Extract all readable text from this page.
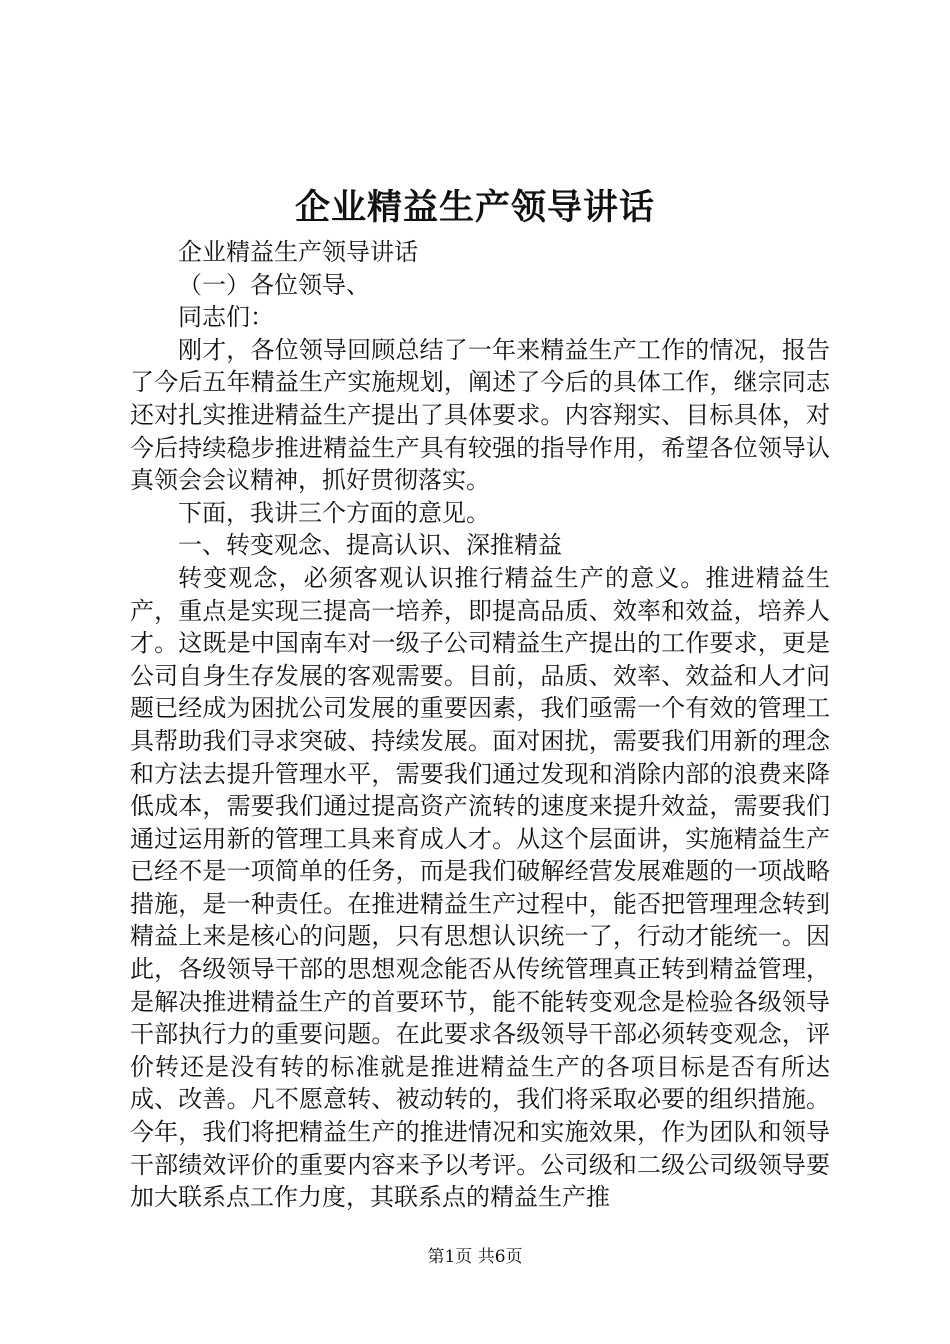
企业精益生产领导讲话

企业精益生产领导讲话

（一）各位领导、

同志们：

刚才，各位领导回顾总结了一年来精益生产工作的情况，报告了今后五年精益生产实施规划，阐述了今后的具体工作，继宗同志还对扎实推进精益生产提出了具体要求。内容翔实、目标具体，对今后持续稳步推进精益生产具有较强的指导作用，希望各位领导认真领会会议精神，抓好贯彻落实。

下面，我讲三个方面的意见。

一、转变观念、提高认识、深推精益

转变观念，必须客观认识推行精益生产的意义。推进精益生产，重点是实现三提高一培养，即提高品质、效率和效益，培养人才。这既是中国南车对一级子公司精益生产提出的工作要求，更是公司自身生存发展的客观需要。目前，品质、效率、效益和人才问题已经成为困扰公司发展的重要因素，我们亟需一个有效的管理工具帮助我们寻求突破、持续发展。面对困扰，需要我们用新的理念和方法去提升管理水平，需要我们通过发现和消除内部的浪费来降低成本，需要我们通过提高资产流转的速度来提升效益，需要我们通过运用新的管理工具来育成人才。从这个层面讲，实施精益生产已经不是一项简单的任务，而是我们破解经营发展难题的一项战略措施，是一种责任。在推进精益生产过程中，能否把管理理念转到精益上来是核心的问题，只有思想认识统一了，行动才能统一。因此，各级领导干部的思想观念能否从传统管理真正转到精益管理，是解决推进精益生产的首要环节，能不能转变观念是检验各级领导干部执行力的重要问题。在此要求各级领导干部必须转变观念，评价转还是没有转的标准就是推进精益生产的各项目标是否有所达成、改善。凡不愿意转、被动转的，我们将采取必要的组织措施。今年，我们将把精益生产的推进情况和实施效果，作为团队和领导干部绩效评价的重要内容来予以考评。公司级和二级公司级领导要加大联系点工作力度，其联系点的精益生产推

第1页 共6页
